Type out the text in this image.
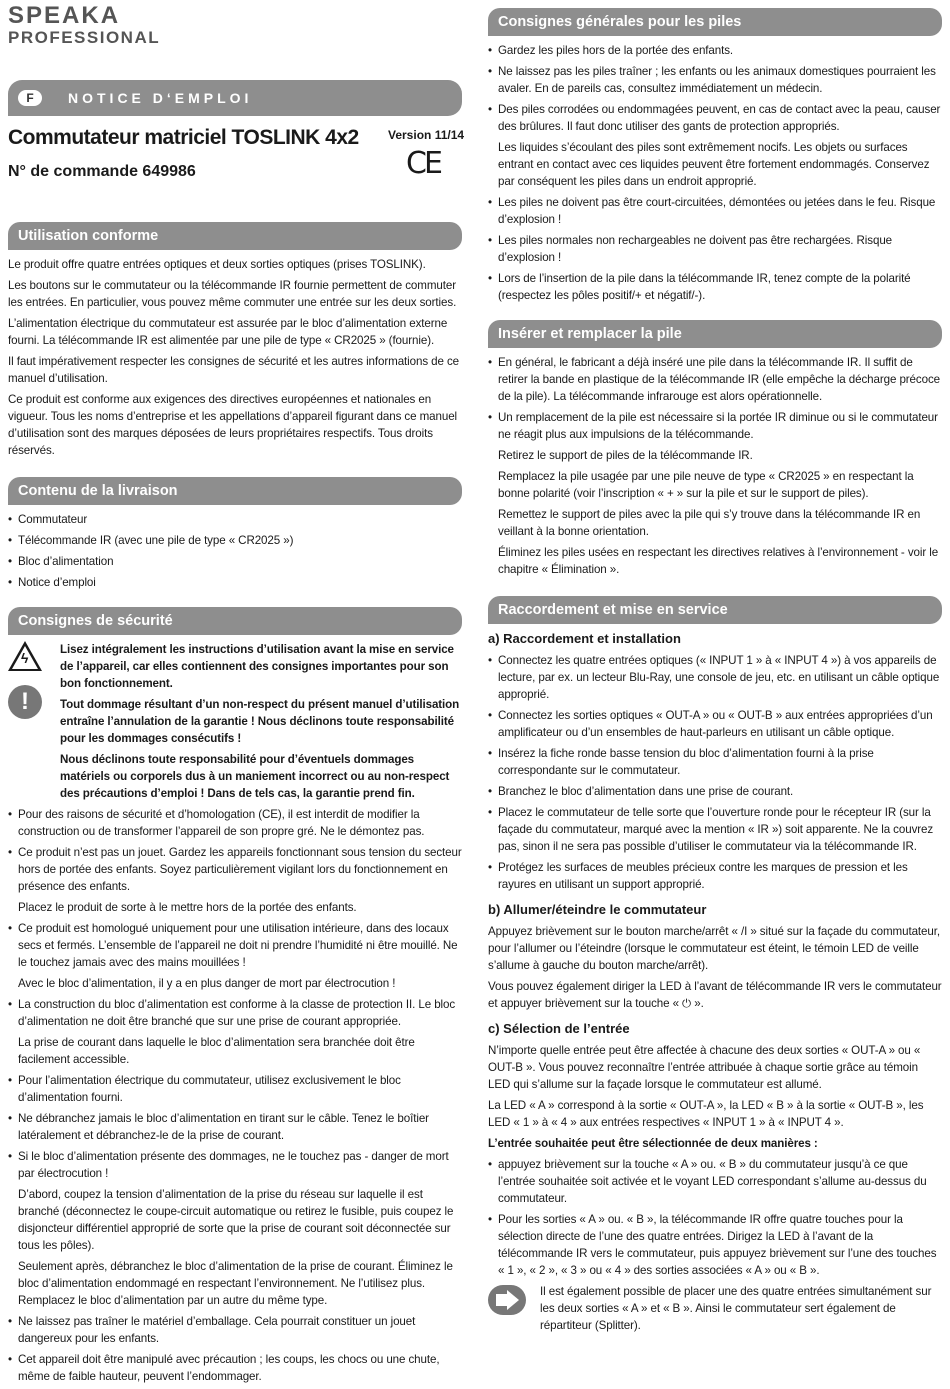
SPEAKA
PROFESSIONAL
F	NOTICE D‘EMPLOI
Commutateur matriciel TOSLINK 4x2
N° de commande 649986
Version 11/14
CE
Utilisation conforme

Le produit offre quatre entrées optiques et deux sorties optiques (prises TOSLINK).

Les boutons sur le commutateur ou la télécommande IR fournie permettent de commuter les entrées. En particulier, vous pouvez même commuter une entrée sur les deux sorties.

L’alimentation électrique du commutateur est assurée par le bloc d’alimentation externe fourni. La télécommande IR est alimentée par une pile de type « CR2025 » (fournie).

Il faut impérativement respecter les consignes de sécurité et les autres informations de ce manuel d’utilisation.

Ce produit est conforme aux exigences des directives européennes et nationales en vigueur. Tous les noms d’entreprise et les appellations d’appareil figurant dans ce manuel d’utilisation sont des marques déposées de leurs propriétaires respectifs. Tous droits réservés.

Contenu de la livraison
• Commutateur
• Télécommande IR (avec une pile de type « CR2025 »)
• Bloc d’alimentation
• Notice d’emploi
Consignes de sécurité
ϟ
!

Lisez intégralement les instructions d’utilisation avant la mise en service de l’appareil, car elles contiennent des consignes importantes pour son bon fonctionnement.

Tout dommage résultant d’un non-respect du présent manuel d’utilisation entraîne l’annulation de la garantie ! Nous déclinons toute responsabilité pour les dommages consécutifs !

Nous déclinons toute responsabilité pour d’éventuels dommages matériels ou corporels dus à un maniement incorrect ou au non-respect des précautions d’emploi ! Dans de tels cas, la garantie prend fin.

• Pour des raisons de sécurité et d’homologation (CE), il est interdit de modifier la construction ou de transformer l’appareil de son propre gré. Ne le démontez pas.
• Ce produit n’est pas un jouet. Gardez les appareils fonctionnant sous tension du secteur hors de portée des enfants. Soyez particulièrement vigilant lors du fonctionnement en présence des enfants.

Placez le produit de sorte à le mettre hors de la portée des enfants.

• Ce produit est homologué uniquement pour une utilisation intérieure, dans des locaux secs et fermés. L’ensemble de l’appareil ne doit ni prendre l’humidité ni être mouillé. Ne le touchez jamais avec des mains mouillées !

Avec le bloc d’alimentation, il y a en plus danger de mort par électrocution !

• La construction du bloc d’alimentation est conforme à la classe de protection II. Le bloc d’alimentation ne doit être branché que sur une prise de courant appropriée.

La prise de courant dans laquelle le bloc d’alimentation sera branchée doit être facilement accessible.

• Pour l’alimentation électrique du commutateur, utilisez exclusivement le bloc d’alimentation fourni.
• Ne débranchez jamais le bloc d’alimentation en tirant sur le câble. Tenez le boîtier latéralement et débranchez-le de la prise de courant.
• Si le bloc d’alimentation présente des dommages, ne le touchez pas - danger de mort par électrocution !

D’abord, coupez la tension d’alimentation de la prise du réseau sur laquelle il est branché (déconnectez le coupe-circuit automatique ou retirez le fusible, puis coupez le disjoncteur différentiel approprié de sorte que la prise de courant soit déconnectée sur tous les pôles).

Seulement après, débranchez le bloc d’alimentation de la prise de courant. Éliminez le bloc d’alimentation endommagé en respectant l’environnement. Ne l’utilisez plus. Remplacez le bloc d’alimentation par un autre du même type.

• Ne laissez pas traîner le matériel d’emballage. Cela pourrait constituer un jouet dangereux pour les enfants.
• Cet appareil doit être manipulé avec précaution ; les coups, les chocs ou une chute, même de faible hauteur, peuvent l’endommager.
Consignes générales pour les piles
• Gardez les piles hors de la portée des enfants.
• Ne laissez pas les piles traîner ; les enfants ou les animaux domestiques pourraient les avaler. En de pareils cas, consultez immédiatement un médecin.
• Des piles corrodées ou endommagées peuvent, en cas de contact avec la peau, causer des brûlures. Il faut donc utiliser des gants de protection appropriés.

Les liquides s’écoulant des piles sont extrêmement nocifs. Les objets ou surfaces entrant en contact avec ces liquides peuvent être fortement endommagés. Conservez par conséquent les piles dans un endroit approprié.

• Les piles ne doivent pas être court-circuitées, démontées ou jetées dans le feu. Risque d’explosion !
• Les piles normales non rechargeables ne doivent pas être rechargées. Risque d’explosion !
• Lors de l’insertion de la pile dans la télécommande IR, tenez compte de la polarité (respectez les pôles positif/+ et négatif/-).
Insérer et remplacer la pile
• En général, le fabricant a déjà inséré une pile dans la télécommande IR. Il suffit de retirer la bande en plastique de la télécommande IR (elle empêche la décharge précoce de la pile). La télécommande infrarouge est alors opérationnelle.
• Un remplacement de la pile est nécessaire si la portée IR diminue ou si le commutateur ne réagit plus aux impulsions de la télécommande.

Retirez le support de piles de la télécommande IR.

Remplacez la pile usagée par une pile neuve de type « CR2025 » en respectant la bonne polarité (voir l’inscription « + » sur la pile et sur le support de piles).

Remettez le support de piles avec la pile qui s’y trouve dans la télécommande IR en veillant à la bonne orientation.

Éliminez les piles usées en respectant les directives relatives à l’environnement - voir le chapitre « Élimination ».

Raccordement et mise en service
a) Raccordement et installation
• Connectez les quatre entrées optiques (« INPUT 1 » à « INPUT 4 ») à vos appareils de lecture, par ex. un lecteur Blu-Ray, une console de jeu, etc. en utilisant un câble optique approprié.
• Connectez les sorties optiques « OUT-A » ou « OUT-B » aux entrées appropriées d’un amplificateur ou d’un ensembles de haut-parleurs en utilisant un câble optique.
• Insérez la fiche ronde basse tension du bloc d’alimentation fourni à la prise correspondante sur le commutateur.
• Branchez le bloc d’alimentation dans une prise de courant.
• Placez le commutateur de telle sorte que l’ouverture ronde pour le récepteur IR (sur la façade du commutateur, marqué avec la mention « IR ») soit apparente. Ne la couvrez pas, sinon il ne sera pas possible d’utiliser le commutateur via la télécommande IR.
• Protégez les surfaces de meubles précieux contre les marques de pression et les rayures en utilisant un support approprié.
b) Allumer/éteindre le commutateur

Appuyez brièvement sur le bouton marche/arrêt « /I » situé sur la façade du commutateur, pour l’allumer ou l’éteindre (lorsque le commutateur est éteint, le témoin LED de veille s’allume à gauche du bouton marche/arrêt).

Vous pouvez également diriger la LED à l’avant de télécommande IR vers le commutateur et appuyer brièvement sur la touche « ⏻ ».

c) Sélection de l’entrée

N’importe quelle entrée peut être affectée à chacune des deux sorties « OUT-A » ou « OUT-B ». Vous pouvez reconnaître l’entrée attribuée à chaque sortie grâce au témoin LED qui s’allume sur la façade lorsque le commutateur est allumé.

La LED « A » correspond à la sortie « OUT-A », la LED « B » à la sortie « OUT-B », les LED « 1 » à « 4 » aux entrées respectives « INPUT 1 » à « INPUT 4 ».

L’entrée souhaitée peut être sélectionnée de deux manières :

• appuyez brièvement sur la touche « A » ou. « B » du commutateur jusqu’à ce que l’entrée souhaitée soit activée et le voyant LED correspondant s’allume au-dessus du commutateur.
• Pour les sorties « A » ou. « B », la télécommande IR offre quatre touches pour la sélection directe de l’une des quatre entrées. Dirigez la LED à l’avant de la télécommande IR vers le commutateur, puis appuyez brièvement sur l’une des touches « 1 », « 2 », « 3 » ou « 4 » des sorties associées « A » ou « B ».

Il est également possible de placer une des quatre entrées simultanément sur les deux sorties « A » et « B ». Ainsi le commutateur sert également de répartiteur (Splitter).
